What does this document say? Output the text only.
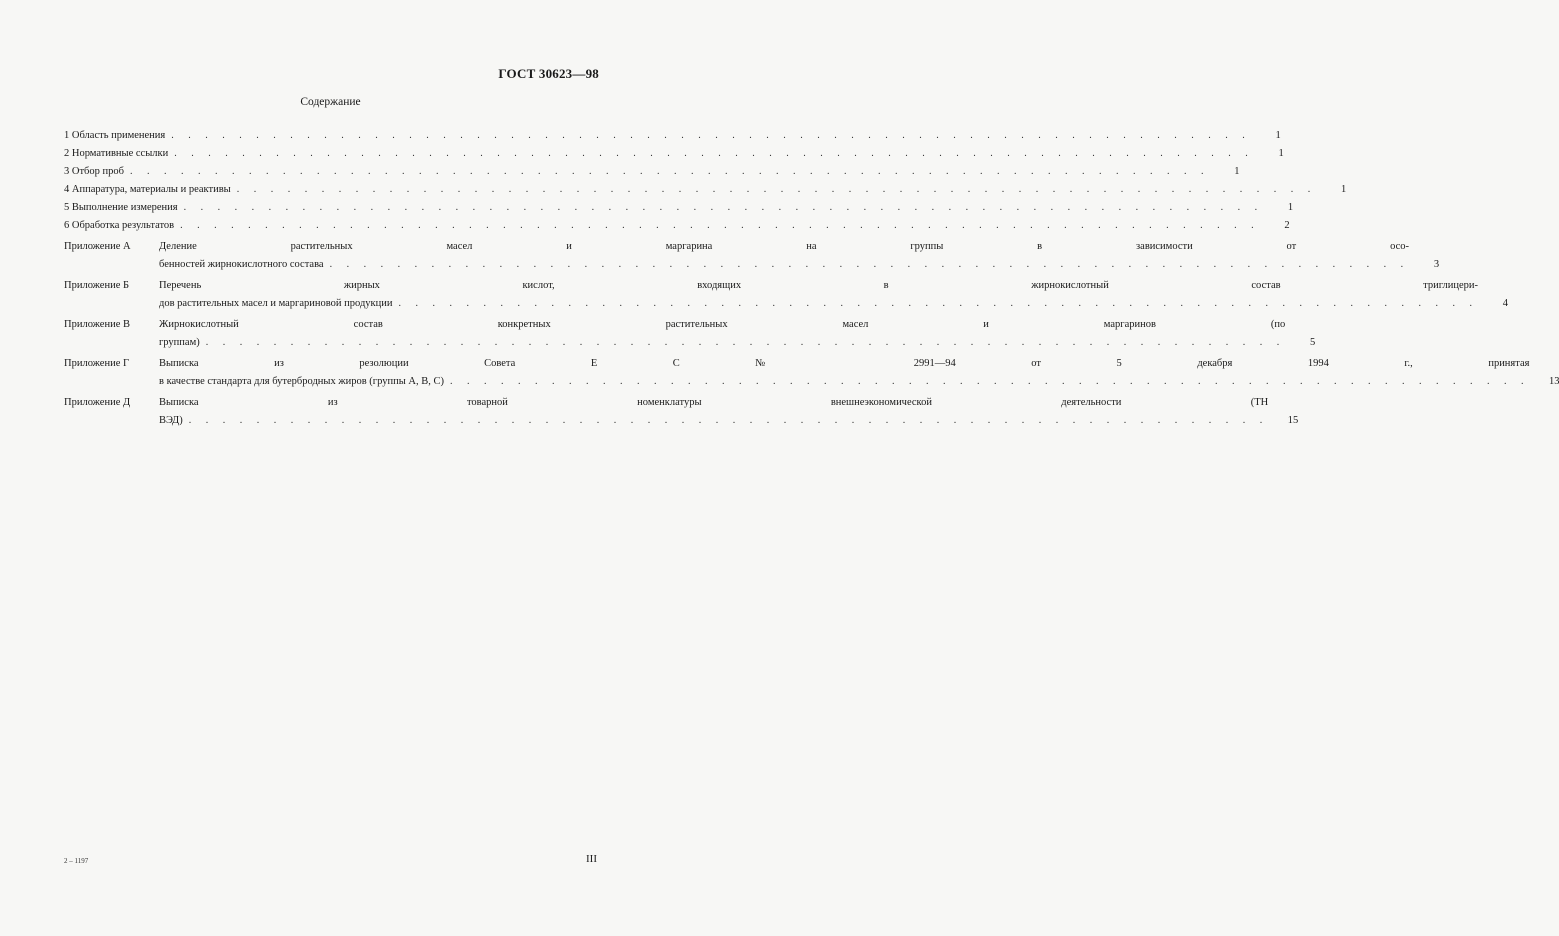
ГОСТ 30623—98
Содержание
1 Область применения . . .	1
2 Нормативные ссылки . . .	1
3 Отбор проб . . .	1
4 Аппаратура, материалы и реактивы . . .	1
5 Выполнение измерения . . .	1
6 Обработка результатов . . .	2
Приложение А	Деление растительных масел и маргарина на группы в зависимости от осо-
бенностей жирнокислотного состава . . .	3
Приложение Б	Перечень жирных кислот, входящих в жирнокислотный состав триглицери-
дов растительных масел и маргариновой продукции . . .	4
Приложение В	Жирнокислотный состав конкретных растительных масел и маргаринов (по
группам) . . .	5
Приложение Г	Выписка из резолюции Совета Е С № 2991—94 от 5 декабря 1994 г., принятая
в качестве стандарта для бутербродных жиров (группы А, В, С) . . .	13
Приложение Д	Выписка из товарной номенклатуры внешнеэкономической деятельности (ТН
ВЭД) . . .	15
2 – 1197	III
